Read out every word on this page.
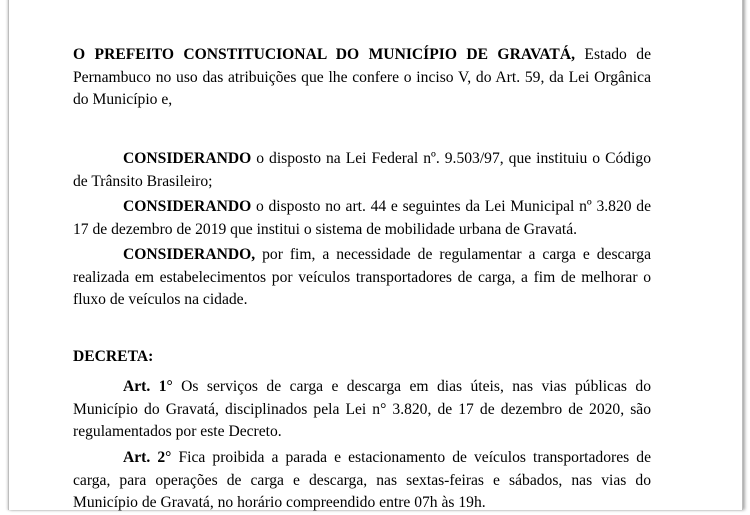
O PREFEITO CONSTITUCIONAL DO MUNICÍPIO DE GRAVATÁ, Estado de Pernambuco no uso das atribuições que lhe confere o inciso V, do Art. 59, da Lei Orgânica do Município e,

CONSIDERANDO o disposto na Lei Federal nº. 9.503/97, que instituiu o Código de Trânsito Brasileiro;

CONSIDERANDO o disposto no art. 44 e seguintes da Lei Municipal nº 3.820 de 17 de dezembro de 2019 que institui o sistema de mobilidade urbana de Gravatá.

CONSIDERANDO, por fim, a necessidade de regulamentar a carga e descarga realizada em estabelecimentos por veículos transportadores de carga, a fim de melhorar o fluxo de veículos na cidade.

DECRETA:

Art. 1° Os serviços de carga e descarga em dias úteis, nas vias públicas do Município do Gravatá, disciplinados pela Lei n° 3.820, de 17 de dezembro de 2020, são regulamentados por este Decreto.

Art. 2° Fica proibida a parada e estacionamento de veículos transportadores de carga, para operações de carga e descarga, nas sextas-feiras e sábados, nas vias do Município de Gravatá, no horário compreendido entre 07h às 19h.
